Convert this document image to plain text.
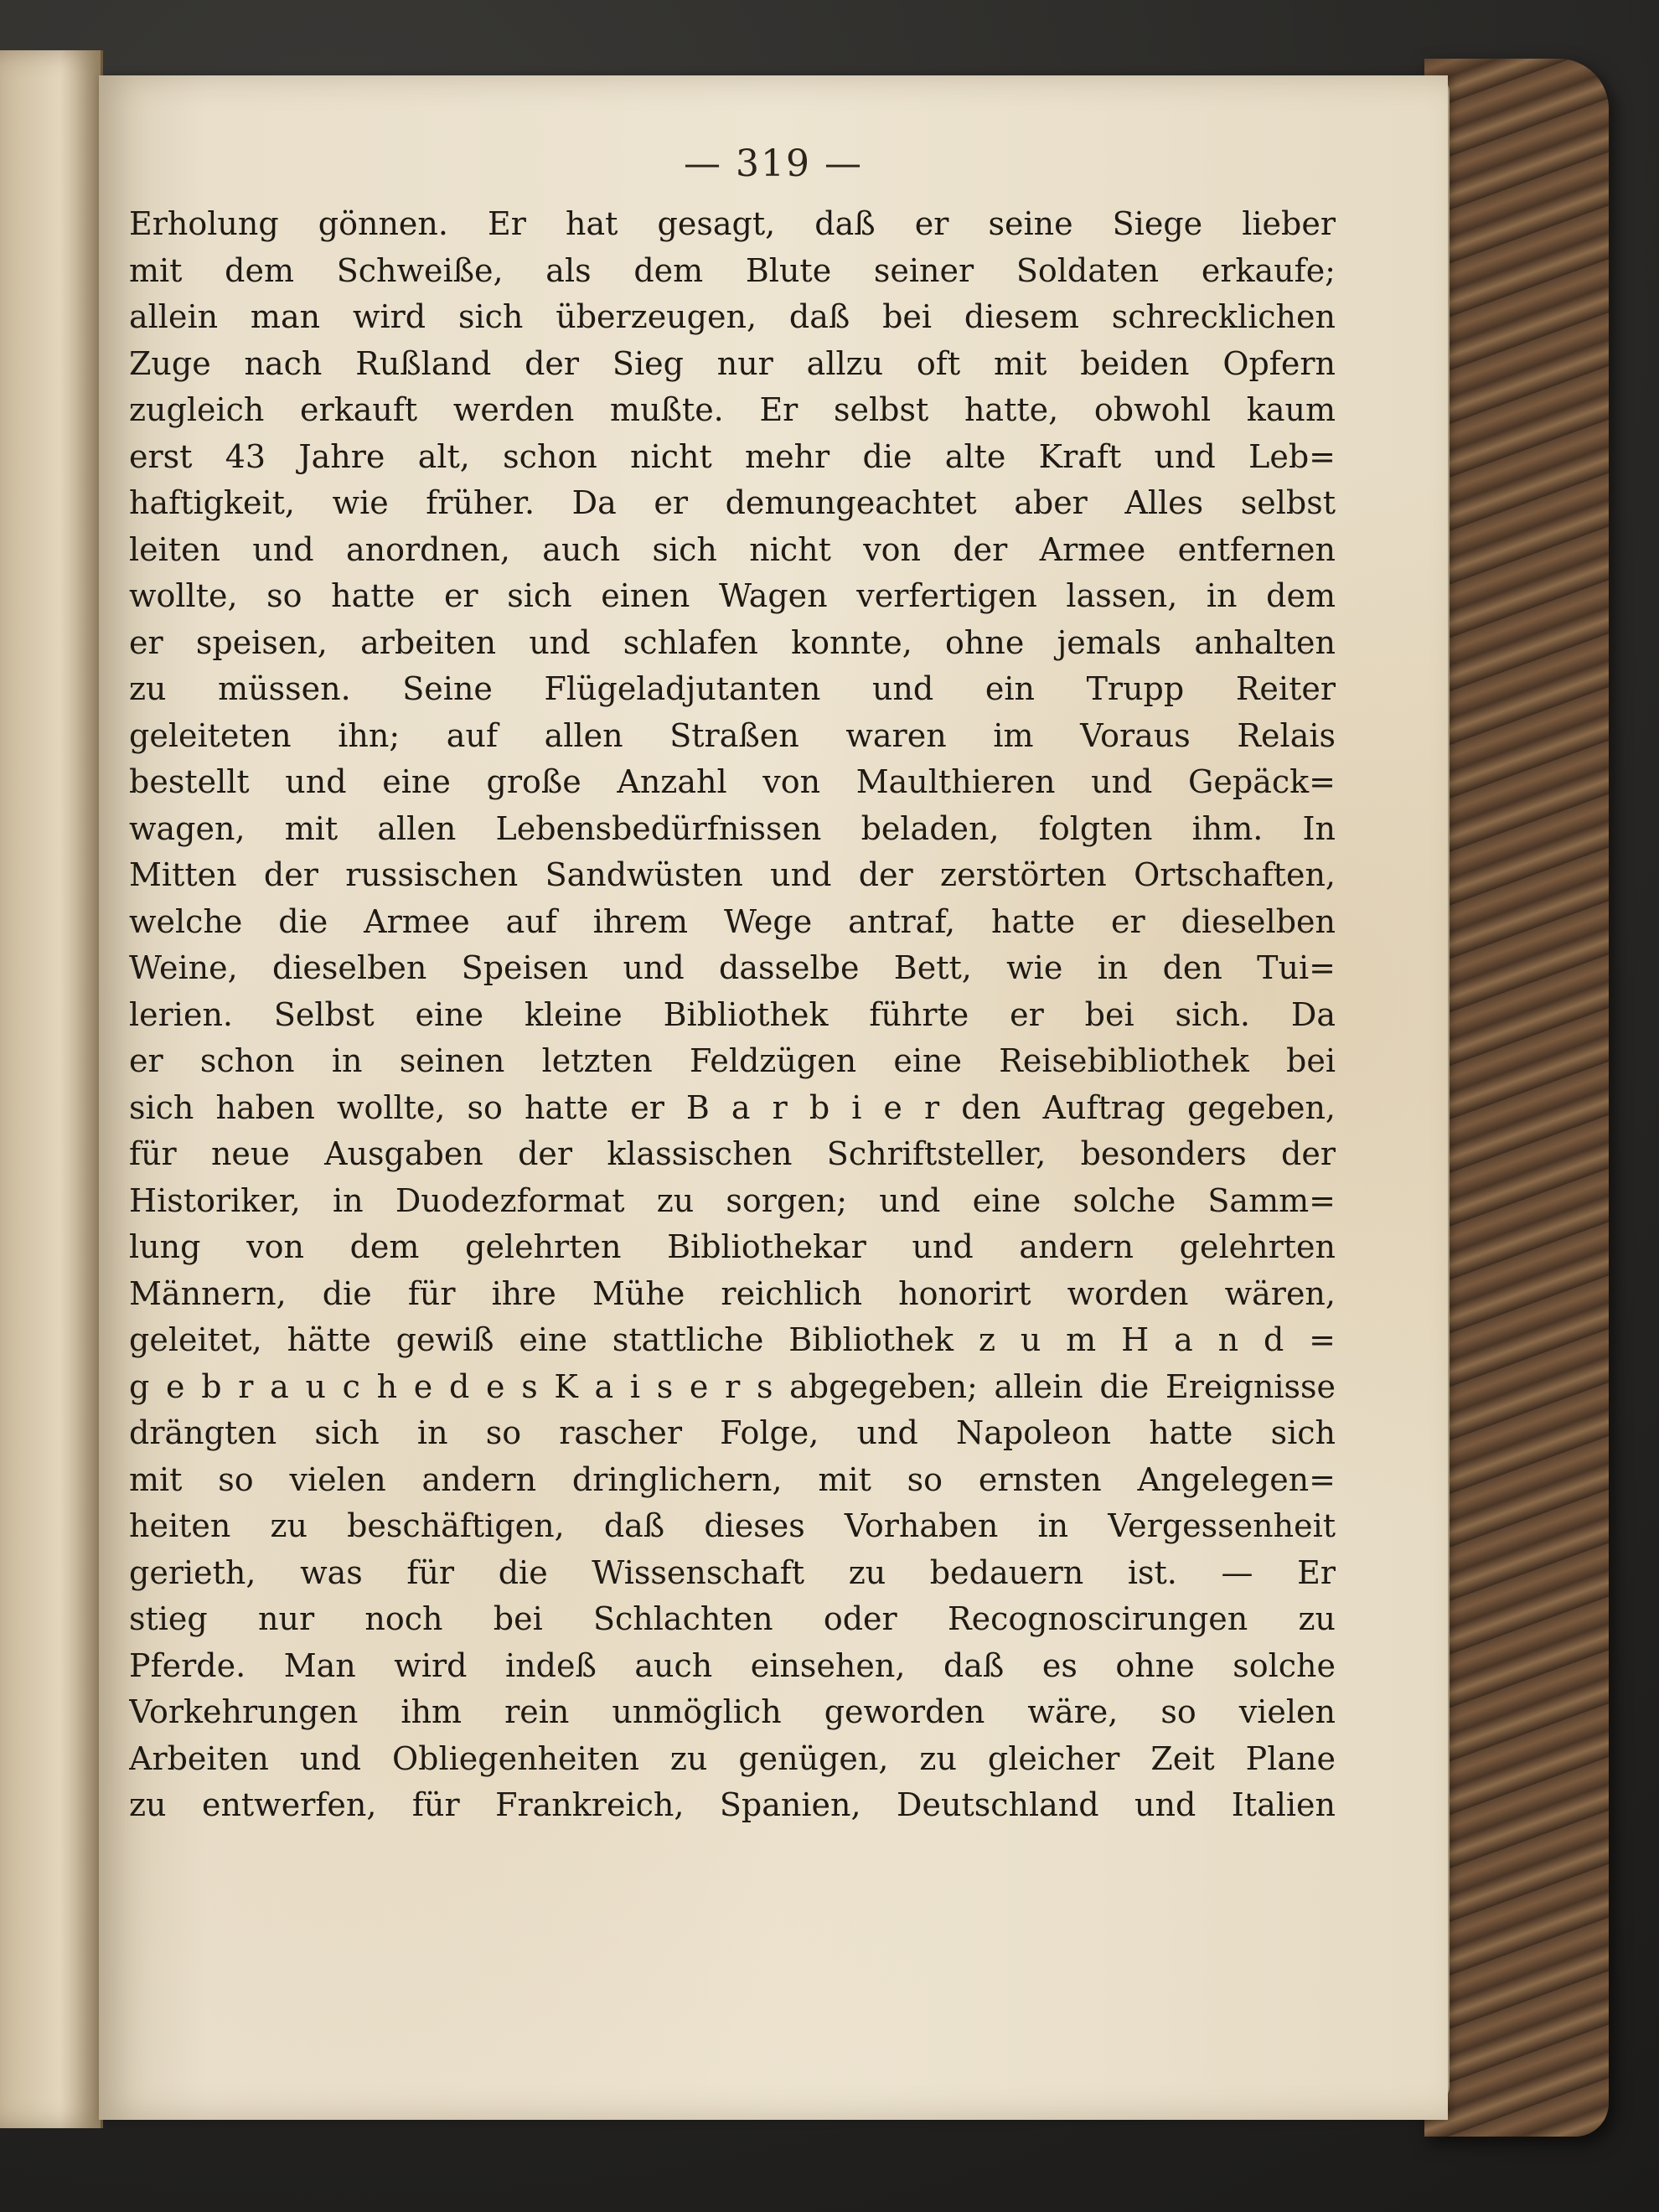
— 319 —
Erholung gönnen. Er hat gesagt, daß er seine Siege lieber
mit dem Schweiße, als dem Blute seiner Soldaten erkaufe;
allein man wird sich überzeugen, daß bei diesem schrecklichen
Zuge nach Rußland der Sieg nur allzu oft mit beiden Opfern
zugleich erkauft werden mußte. Er selbst hatte, obwohl kaum
erst 43 Jahre alt, schon nicht mehr die alte Kraft und Leb=
haftigkeit, wie früher. Da er demungeachtet aber Alles selbst
leiten und anordnen, auch sich nicht von der Armee entfernen
wollte, so hatte er sich einen Wagen verfertigen lassen, in dem
er speisen, arbeiten und schlafen konnte, ohne jemals anhalten
zu müssen. Seine Flügeladjutanten und ein Trupp Reiter
geleiteten ihn; auf allen Straßen waren im Voraus Relais
bestellt und eine große Anzahl von Maulthieren und Gepäck=
wagen, mit allen Lebensbedürfnissen beladen, folgten ihm. In
Mitten der russischen Sandwüsten und der zerstörten Ortschaften,
welche die Armee auf ihrem Wege antraf, hatte er dieselben
Weine, dieselben Speisen und dasselbe Bett, wie in den Tui=
lerien. Selbst eine kleine Bibliothek führte er bei sich. Da
er schon in seinen letzten Feldzügen eine Reisebibliothek bei
sich haben wollte, so hatte er B a r b i e r den Auftrag gegeben,
für neue Ausgaben der klassischen Schriftsteller, besonders der
Historiker, in Duodezformat zu sorgen; und eine solche Samm=
lung von dem gelehrten Bibliothekar und andern gelehrten
Männern, die für ihre Mühe reichlich honorirt worden wären,
geleitet, hätte gewiß eine stattliche Bibliothek z u m H a n d =
g e b r a u c h e d e s K a i s e r s abgegeben; allein die Ereignisse
drängten sich in so rascher Folge, und Napoleon hatte sich
mit so vielen andern dringlichern, mit so ernsten Angelegen=
heiten zu beschäftigen, daß dieses Vorhaben in Vergessenheit
gerieth, was für die Wissenschaft zu bedauern ist. — Er
stieg nur noch bei Schlachten oder Recognoscirungen zu
Pferde. Man wird indeß auch einsehen, daß es ohne solche
Vorkehrungen ihm rein unmöglich geworden wäre, so vielen
Arbeiten und Obliegenheiten zu genügen, zu gleicher Zeit Plane
zu entwerfen, für Frankreich, Spanien, Deutschland und Italien
